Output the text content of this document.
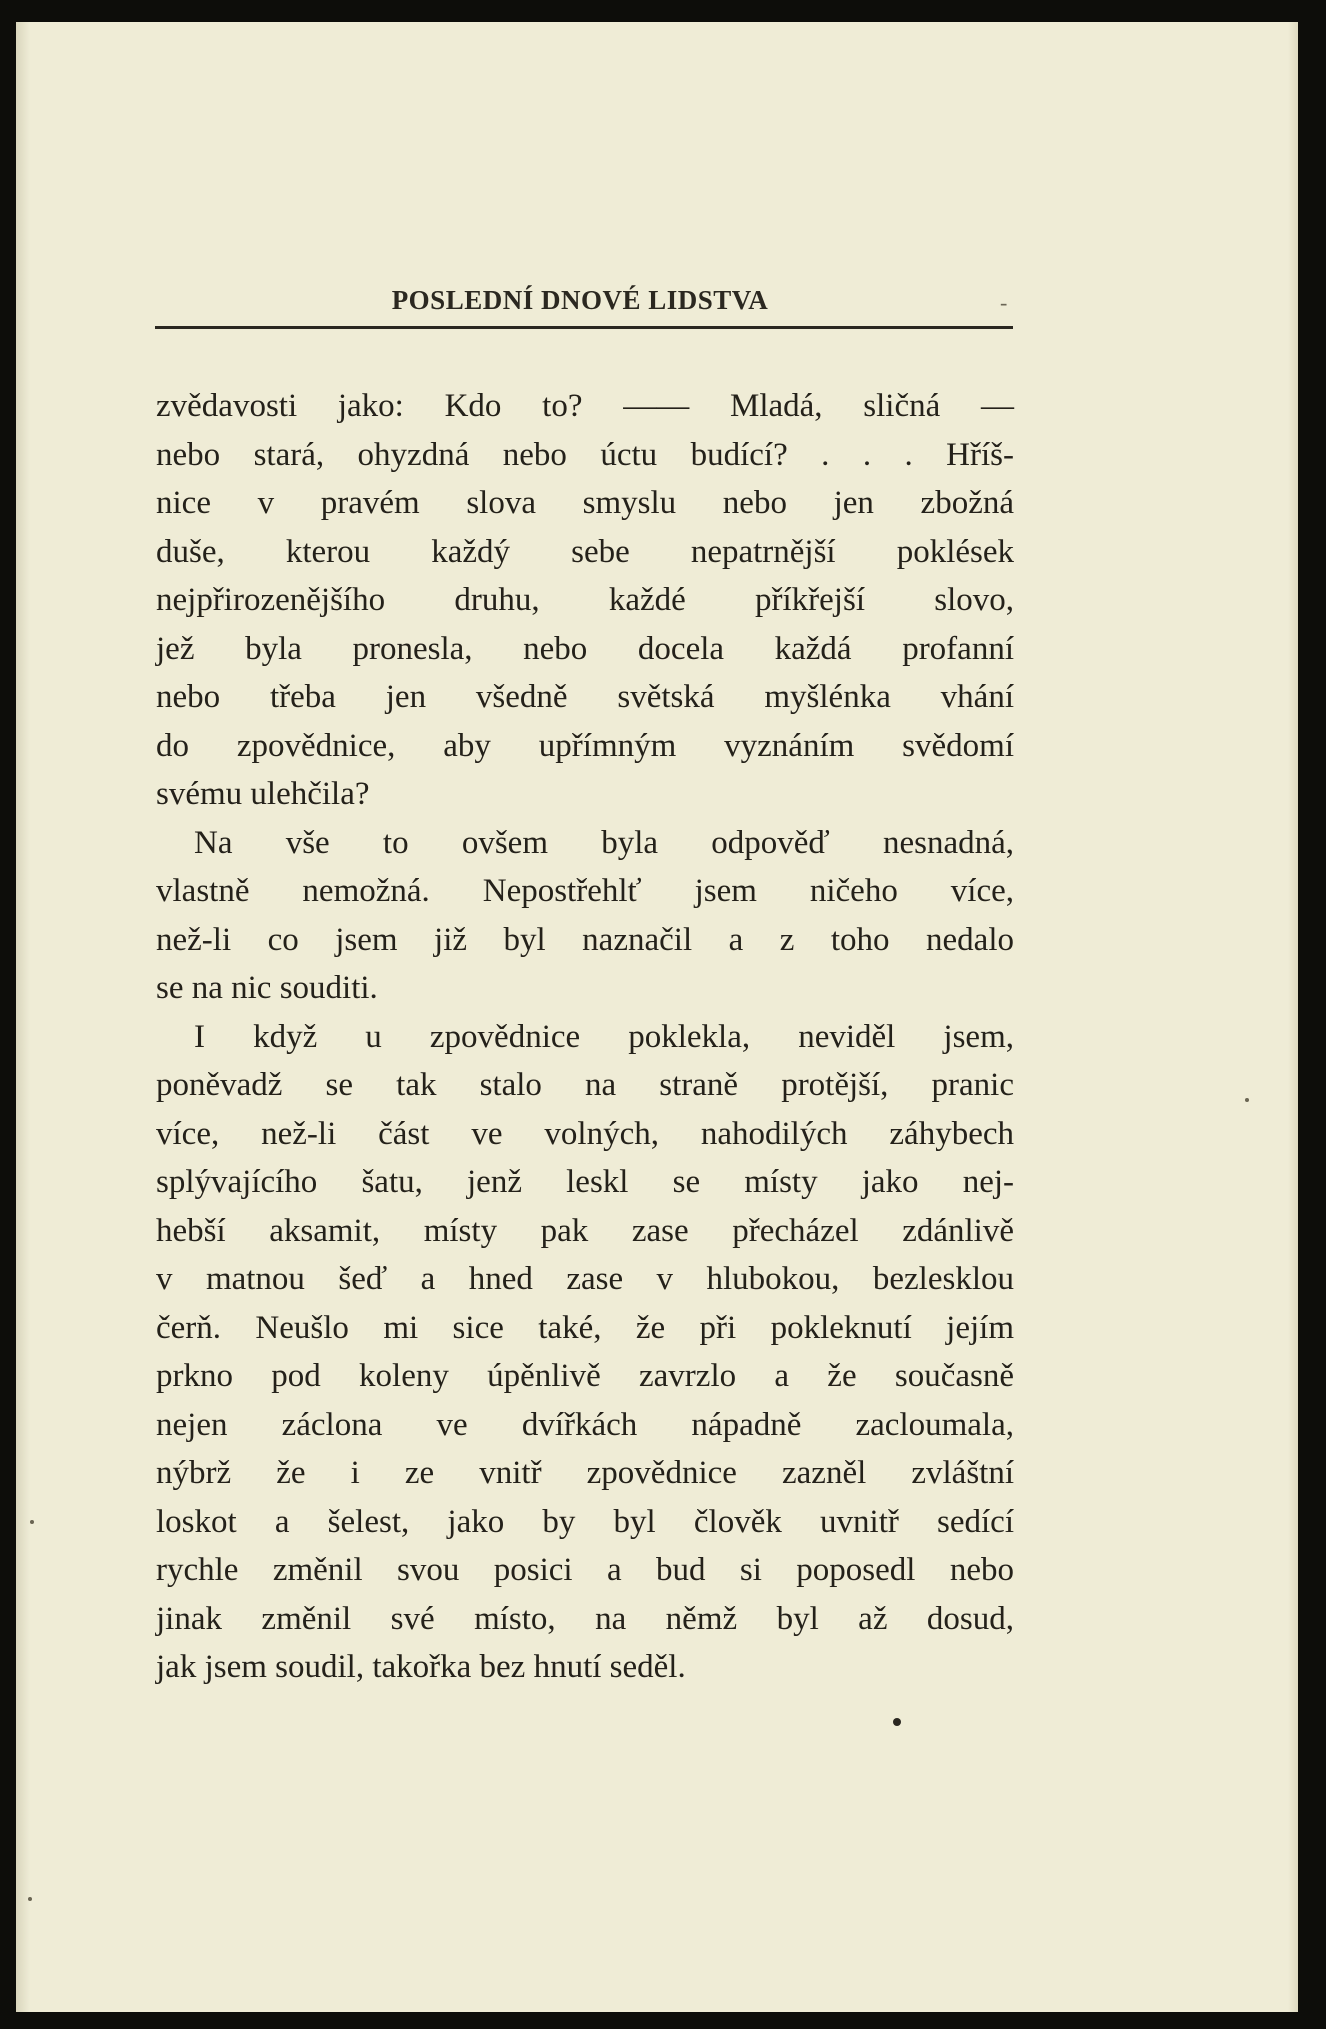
POSLEDNÍ DNOVÉ LIDSTVA	-
zvědavosti jako: Kdo to? —— Mladá, sličná —
nebo stará, ohyzdná nebo úctu budící? . . . Hříš-
nice v pravém slova smyslu nebo jen zbožná
duše, kterou každý sebe nepatrnější poklések
nejpřirozenějšího druhu, každé příkřejší slovo,
jež byla pronesla, nebo docela každá profanní
nebo třeba jen všedně světská myšlénka vhání
do zpovědnice, aby upřímným vyznáním svědomí
svému ulehčila?
Na vše to ovšem byla odpověď nesnadná,
vlastně nemožná. Nepostřehlť jsem ničeho více,
než-li co jsem již byl naznačil a z toho nedalo
se na nic souditi.
I když u zpovědnice poklekla, neviděl jsem,
poněvadž se tak stalo na straně protější, pranic
více, než-li část ve volných, nahodilých záhybech
splývajícího šatu, jenž leskl se místy jako nej-
hebší aksamit, místy pak zase přecházel zdánlivě
v matnou šeď a hned zase v hlubokou, bezlesklou
čerň. Neušlo mi sice také, že při pokleknutí jejím
prkno pod koleny úpěnlivě zavrzlo a že současně
nejen záclona ve dvířkách nápadně zacloumala,
nýbrž že i ze vnitř zpovědnice zazněl zvláštní
loskot a šelest, jako by byl člověk uvnitř sedící
rychle změnil svou posici a bud si poposedl nebo
jinak změnil své místo, na němž byl až dosud,
jak jsem soudil, takořka bez hnutí seděl.
